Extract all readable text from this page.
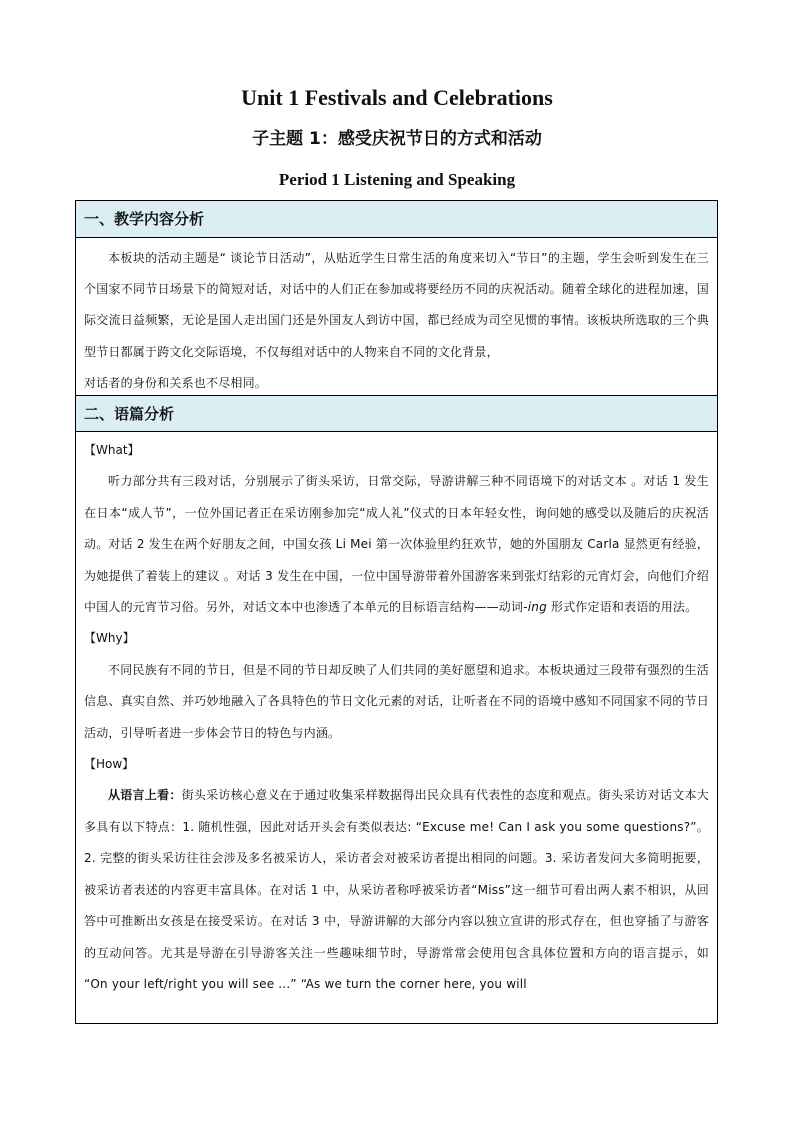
Unit 1 Festivals and Celebrations
子主题 1：感受庆祝节日的方式和活动
Period 1 Listening and Speaking
一、教学内容分析

本板块的活动主题是“ 谈论节日活动”，从贴近学生日常生活的角度来切入“节日”的主题，学生会听到发生在三个国家不同节日场景下的简短对话，对话中的人们正在参加或将要经历不同的庆祝活动。随着全球化的进程加速，国际交流日益频繁，无论是国人走出国门还是外国友人到访中国，都已经成为司空见惯的事情。该板块所选取的三个典型节日都属于跨文化交际语境，不仅每组对话中的人物来自不同的文化背景，

对话者的身份和关系也不尽相同。

二、语篇分析

【What】

听力部分共有三段对话，分别展示了街头采访，日常交际，导游讲解三种不同语境下的对话文本 。对话 1 发生在日本“成人节”，一位外国记者正在采访刚参加完“成人礼”仪式的日本年轻女性，询问她的感受以及随后的庆祝活动。对话 2 发生在两个好朋友之间，中国女孩 Li Mei 第一次体验里约狂欢节，她的外国朋友 Carla 显然更有经验，为她提供了着装上的建议 。对话 3 发生在中国，一位中国导游带着外国游客来到张灯结彩的元宵灯会，向他们介绍中国人的元宵节习俗。另外，对话文本中也渗透了本单元的目标语言结构——动词-ing 形式作定语和表语的用法。

【Why】

不同民族有不同的节日，但是不同的节日却反映了人们共同的美好愿望和追求。本板块通过三段带有强烈的生活信息、真实自然、并巧妙地融入了各具特色的节日文化元素的对话，让听者在不同的语境中感知不同国家不同的节日活动，引导听者进一步体会节日的特色与内涵。

【How】

从语言上看：街头采访核心意义在于通过收集采样数据得出民众具有代表性的态度和观点。街头采访对话文本大多具有以下特点：1. 随机性强，因此对话开头会有类似表达: “Excuse me! Can I ask you some questions?”。2. 完整的街头采访往往会涉及多名被采访人，采访者会对被采访者提出相同的问题。3. 采访者发问大多简明扼要，被采访者表述的内容更丰富具体。在对话 1 中，从采访者称呼被采访者“Miss”这一细节可看出两人素不相识，从回答中可推断出女孩是在接受采访。在对话 3 中，导游讲解的大部分内容以独立宣讲的形式存在，但也穿插了与游客的互动问答。尤其是导游在引导游客关注一些趣味细节时，导游常常会使用包含具体位置和方向的语言提示，如 “On your left/right you will see ...” “As we turn the corner here, you will
